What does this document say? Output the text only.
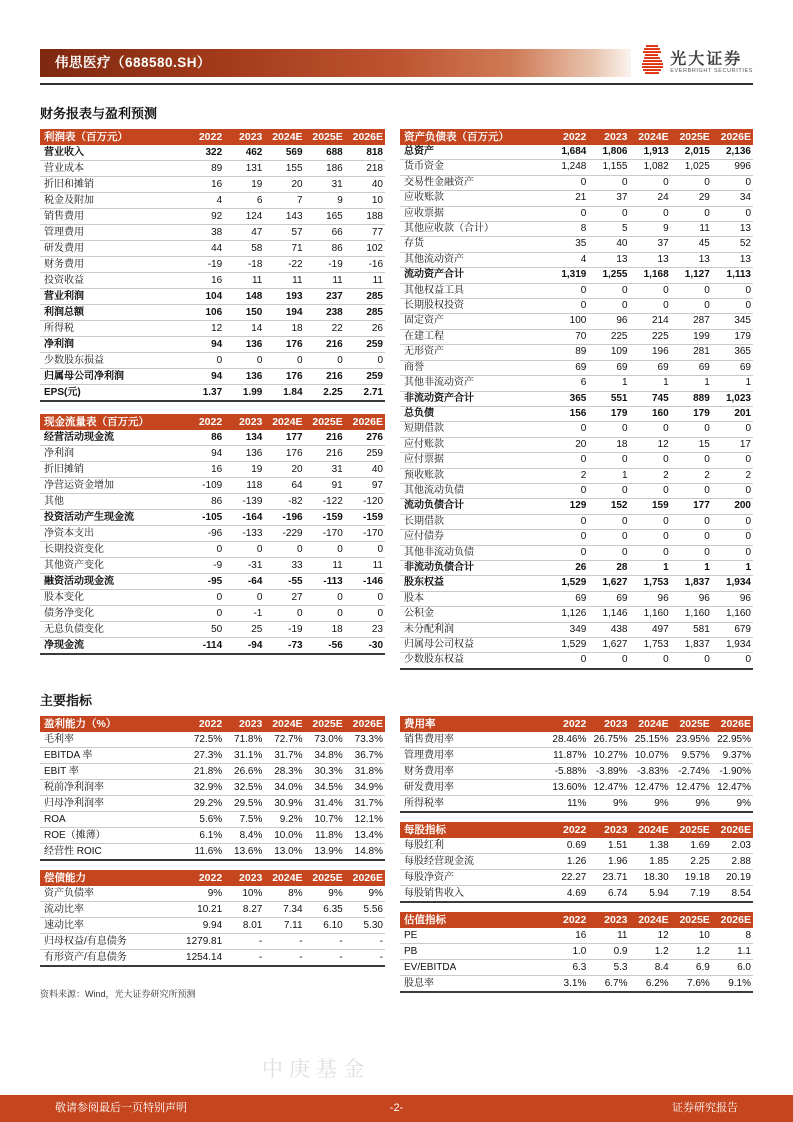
伟思医疗（688580.SH）	光大证券
EVERBRIGHT SECURITIES
财务报表与盈利预测
利润表（百万元）	2022	2023	2024E	2025E	2026E
营业收入	322	462	569	688	818
营业成本	89	131	155	186	218
折旧和摊销	16	19	20	31	40
税金及附加	4	6	7	9	10
销售费用	92	124	143	165	188
管理费用	38	47	57	66	77
研发费用	44	58	71	86	102
财务费用	-19	-18	-22	-19	-16
投资收益	16	11	11	11	11
营业利润	104	148	193	237	285
利润总额	106	150	194	238	285
所得税	12	14	18	22	26
净利润	94	136	176	216	259
少数股东损益	0	0	0	0	0
归属母公司净利润	94	136	176	216	259
EPS(元)	1.37	1.99	1.84	2.25	2.71
现金流量表（百万元）	2022	2023	2024E	2025E	2026E
经营活动现金流	86	134	177	216	276
净利润	94	136	176	216	259
折旧摊销	16	19	20	31	40
净营运资金增加	-109	118	64	91	97
其他	86	-139	-82	-122	-120
投资活动产生现金流	-105	-164	-196	-159	-159
净资本支出	-96	-133	-229	-170	-170
长期投资变化	0	0	0	0	0
其他资产变化	-9	-31	33	11	11
融资活动现金流	-95	-64	-55	-113	-146
股本变化	0	0	27	0	0
债务净变化	0	-1	0	0	0
无息负债变化	50	25	-19	18	23
净现金流	-114	-94	-73	-56	-30
资产负债表（百万元）	2022	2023	2024E	2025E	2026E
总资产	1,684	1,806	1,913	2,015	2,136
货币资金	1,248	1,155	1,082	1,025	996
交易性金融资产	0	0	0	0	0
应收账款	21	37	24	29	34
应收票据	0	0	0	0	0
其他应收款（合计）	8	5	9	11	13
存货	35	40	37	45	52
其他流动资产	4	13	13	13	13
流动资产合计	1,319	1,255	1,168	1,127	1,113
其他权益工具	0	0	0	0	0
长期股权投资	0	0	0	0	0
固定资产	100	96	214	287	345
在建工程	70	225	225	199	179
无形资产	89	109	196	281	365
商誉	69	69	69	69	69
其他非流动资产	6	1	1	1	1
非流动资产合计	365	551	745	889	1,023
总负债	156	179	160	179	201
短期借款	0	0	0	0	0
应付账款	20	18	12	15	17
应付票据	0	0	0	0	0
预收账款	2	1	2	2	2
其他流动负债	0	0	0	0	0
流动负债合计	129	152	159	177	200
长期借款	0	0	0	0	0
应付债券	0	0	0	0	0
其他非流动负债	0	0	0	0	0
非流动负债合计	26	28	1	1	1
股东权益	1,529	1,627	1,753	1,837	1,934
股本	69	69	96	96	96
公积金	1,126	1,146	1,160	1,160	1,160
未分配利润	349	438	497	581	679
归属母公司权益	1,529	1,627	1,753	1,837	1,934
少数股东权益	0	0	0	0	0
主要指标
盈利能力（%）	2022	2023	2024E	2025E	2026E
毛利率	72.5%	71.8%	72.7%	73.0%	73.3%
EBITDA 率	27.3%	31.1%	31.7%	34.8%	36.7%
EBIT 率	21.8%	26.6%	28.3%	30.3%	31.8%
税前净利润率	32.9%	32.5%	34.0%	34.5%	34.9%
归母净利润率	29.2%	29.5%	30.9%	31.4%	31.7%
ROA	5.6%	7.5%	9.2%	10.7%	12.1%
ROE（摊薄）	6.1%	8.4%	10.0%	11.8%	13.4%
经营性 ROIC	11.6%	13.6%	13.0%	13.9%	14.8%
偿债能力	2022	2023	2024E	2025E	2026E
资产负债率	9%	10%	8%	9%	9%
流动比率	10.21	8.27	7.34	6.35	5.56
速动比率	9.94	8.01	7.11	6.10	5.30
归母权益/有息债务	1279.81	-	-	-	-
有形资产/有息债务	1254.14	-	-	-	-
资料来源：Wind，光大证券研究所预测
费用率	2022	2023	2024E	2025E	2026E
销售费用率	28.46%	26.75%	25.15%	23.95%	22.95%
管理费用率	11.87%	10.27%	10.07%	9.57%	9.37%
财务费用率	-5.88%	-3.89%	-3.83%	-2.74%	-1.90%
研发费用率	13.60%	12.47%	12.47%	12.47%	12.47%
所得税率	11%	9%	9%	9%	9%
每股指标	2022	2023	2024E	2025E	2026E
每股红利	0.69	1.51	1.38	1.69	2.03
每股经营现金流	1.26	1.96	1.85	2.25	2.88
每股净资产	22.27	23.71	18.30	19.18	20.19
每股销售收入	4.69	6.74	5.94	7.19	8.54
估值指标	2022	2023	2024E	2025E	2026E
PE	16	11	12	10	8
PB	1.0	0.9	1.2	1.2	1.1
EV/EBITDA	6.3	5.3	8.4	6.9	6.0
股息率	3.1%	6.7%	6.2%	7.6%	9.1%
中庚基金
敬请参阅最后一页特别声明	-2-	证券研究报告
